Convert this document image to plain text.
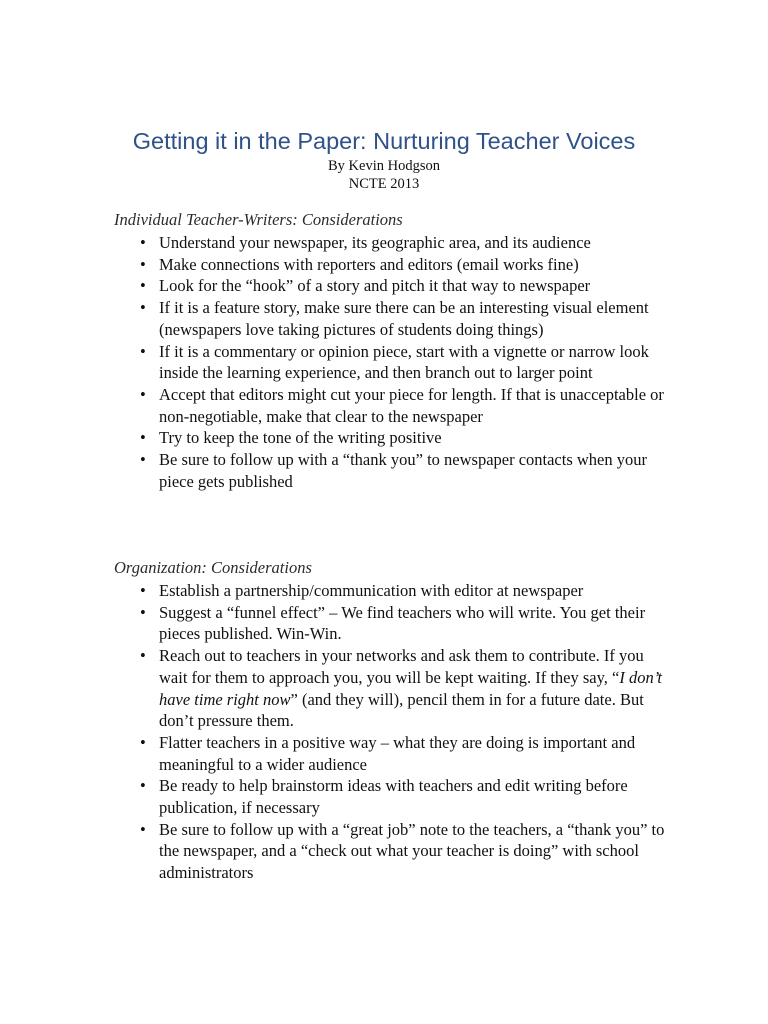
Getting it in the Paper: Nurturing Teacher Voices

By Kevin Hodgson

NCTE 2013

Individual Teacher-Writers: Considerations

• Understand your newspaper, its geographic area, and its audience
• Make connections with reporters and editors (email works fine)
• Look for the “hook” of a story and pitch it that way to newspaper
• If it is a feature story, make sure there can be an interesting visual element (newspapers love taking pictures of students doing things)
• If it is a commentary or opinion piece, start with a vignette or narrow look inside the learning experience, and then branch out to larger point
• Accept that editors might cut your piece for length. If that is unacceptable or non-negotiable, make that clear to the newspaper
• Try to keep the tone of the writing positive
• Be sure to follow up with a “thank you” to newspaper contacts when your piece gets published

Organization: Considerations

• Establish a partnership/communication with editor at newspaper
• Suggest a “funnel effect” – We find teachers who will write. You get their pieces published. Win-Win.
• Reach out to teachers in your networks and ask them to contribute. If you wait for them to approach you, you will be kept waiting. If they say, “I don’t have time right now” (and they will), pencil them in for a future date. But don’t pressure them.
• Flatter teachers in a positive way – what they are doing is important and meaningful to a wider audience
• Be ready to help brainstorm ideas with teachers and edit writing before publication, if necessary
• Be sure to follow up with a “great job” note to the teachers, a “thank you” to the newspaper, and a “check out what your teacher is doing” with school administrators
